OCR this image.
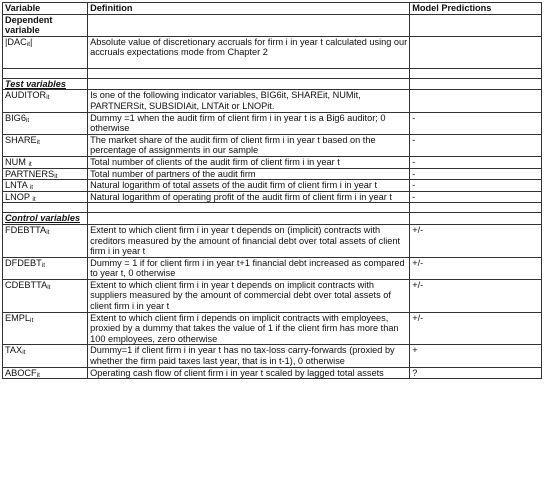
Variable	Definition	Model Predictions
Dependent variable		
$|DAC_{it}|$	Absolute value of discretionary accruals for firm i in year t calculated using our accruals expectations mode from Chapter 2	

Test variables		
$AUDITOR_{it}$	Is one of the following indicator variables, BIG6it, SHAREit, NUMit, PARTNERSit, SUBSIDIAit, LNTAit or LNOPit.	
$BIG6_{it}$	Dummy =1 when the audit firm of client firm i in year t is a Big6 auditor; 0 otherwise	-
$SHARE_{it}$	The market share of the audit firm of client firm i in year t based on the percentage of assignments in our sample	-
NUM $_{it}$	Total number of clients of the audit firm of client firm i in year t	-
$PARTNERS_{it}$	Total number of partners of the audit firm	-
LNTA $_{it}$	Natural logarithm of total assets of the audit firm of client firm i in year t	-
LNOP $_{it}$	Natural logarithm of operating profit of the audit firm of client firm i in year t	-

Control variables		
$FDEBTTA_{it}$	Extent to which client firm i in year t depends on (implicit) contracts with creditors measured by the amount of financial debt over total assets of client firm i in year t	+/-
$DFDEBT_{it}$	Dummy = 1 if for client firm i in year t+1 financial debt increased as compared to year t, 0 otherwise	+/-
$CDEBTTA_{it}$	Extent to which client firm i in year t depends on implicit contracts with suppliers measured by the amount of commercial debt over total assets of client firm i in year t	+/-
$EMPL_{it}$	Extent to which client firm i depends on implicit contracts with employees, proxied by a dummy that takes the value of 1 if the client firm has more than 100 employees, zero otherwise	+/-
$TAX_{it}$	Dummy=1 if client firm i in year t has no tax-loss carry-forwards (proxied by whether the firm paid taxes last year, that is in t-1), 0 otherwise	+
$ABOCF_{it}$	Operating cash flow of client firm i in year t scaled by lagged total assets	?
